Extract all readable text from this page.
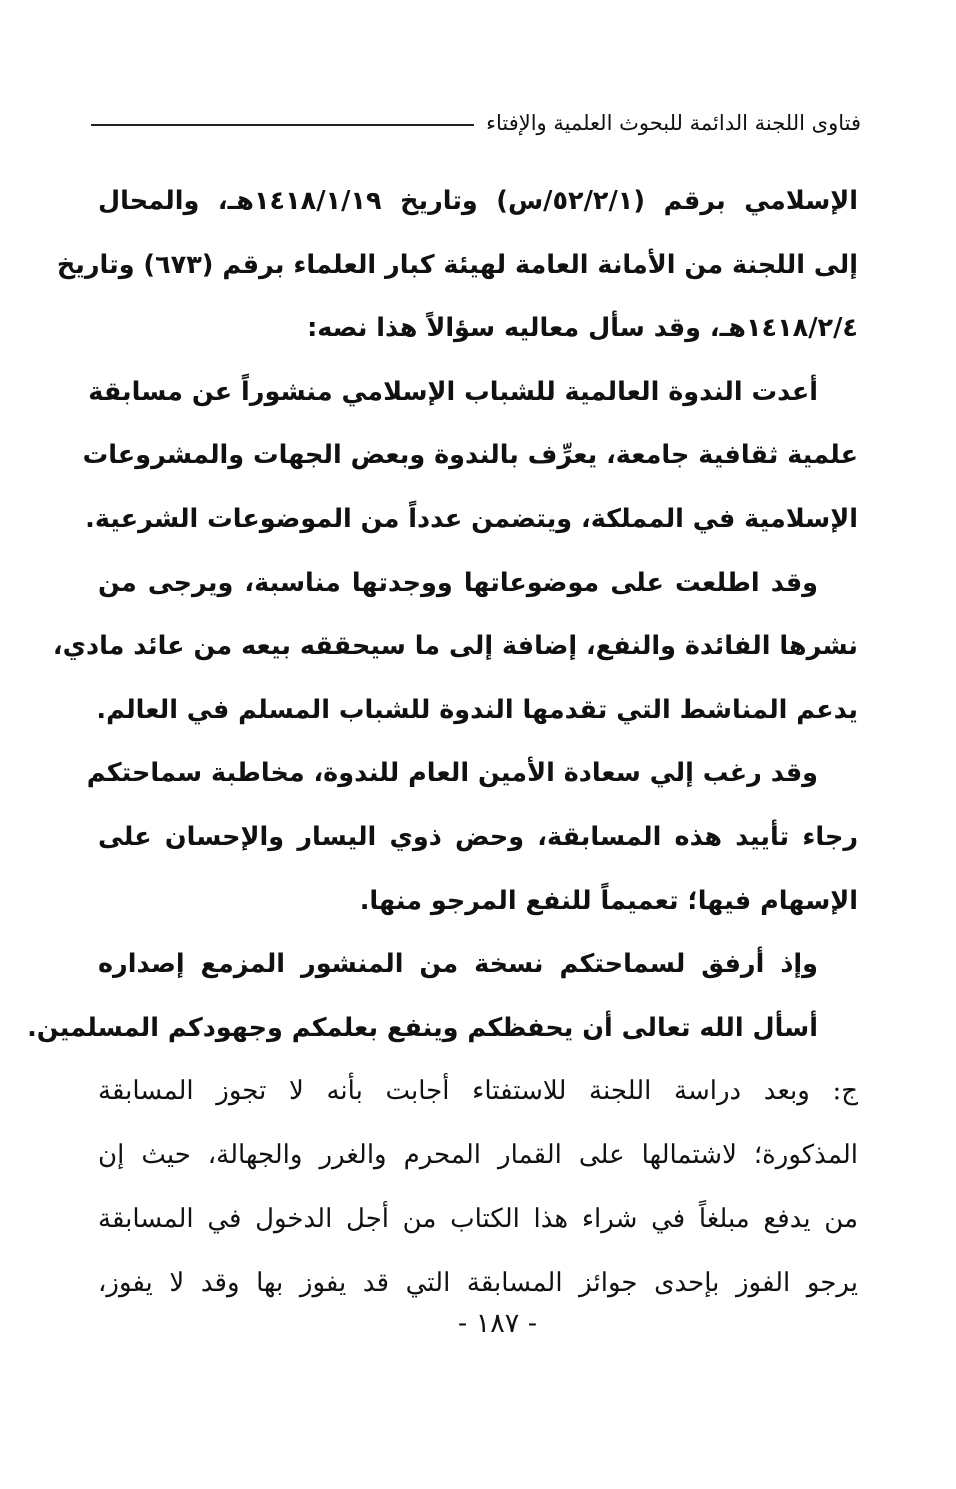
فتاوى اللجنة الدائمة للبحوث العلمية والإفتاء
الإسلامي برقم (٥٢/٢/١/س) وتاريخ ١٤١٨/١/١٩هـ، والمحال
إلى اللجنة من الأمانة العامة لهيئة كبار العلماء برقم (٦٧٣) وتاريخ
١٤١٨/٢/٤هـ، وقد سأل معاليه سؤالاً هذا نصه:
أعدت الندوة العالمية للشباب الإسلامي منشوراً عن مسابقة
علمية ثقافية جامعة، يعرِّف بالندوة وبعض الجهات والمشروعات
الإسلامية في المملكة، ويتضمن عدداً من الموضوعات الشرعية.
وقد اطلعت على موضوعاتها ووجدتها مناسبة، ويرجى من
نشرها الفائدة والنفع، إضافة إلى ما سيحققه بيعه من عائد مادي،
يدعم المناشط التي تقدمها الندوة للشباب المسلم في العالم.
وقد رغب إلي سعادة الأمين العام للندوة، مخاطبة سماحتكم
رجاء تأييد هذه المسابقة، وحض ذوي اليسار والإحسان على
الإسهام فيها؛ تعميماً للنفع المرجو منها.
وإذ أرفق لسماحتكم نسخة من المنشور المزمع إصداره
أسأل الله تعالى أن يحفظكم وينفع بعلمكم وجهودكم المسلمين.
ج: وبعد دراسة اللجنة للاستفتاء أجابت بأنه لا تجوز المسابقة
المذكورة؛ لاشتمالها على القمار المحرم والغرر والجهالة، حيث إن
من يدفع مبلغاً في شراء هذا الكتاب من أجل الدخول في المسابقة
يرجو الفوز بإحدى جوائز المسابقة التي قد يفوز بها وقد لا يفوز،
- ١٨٧ -
